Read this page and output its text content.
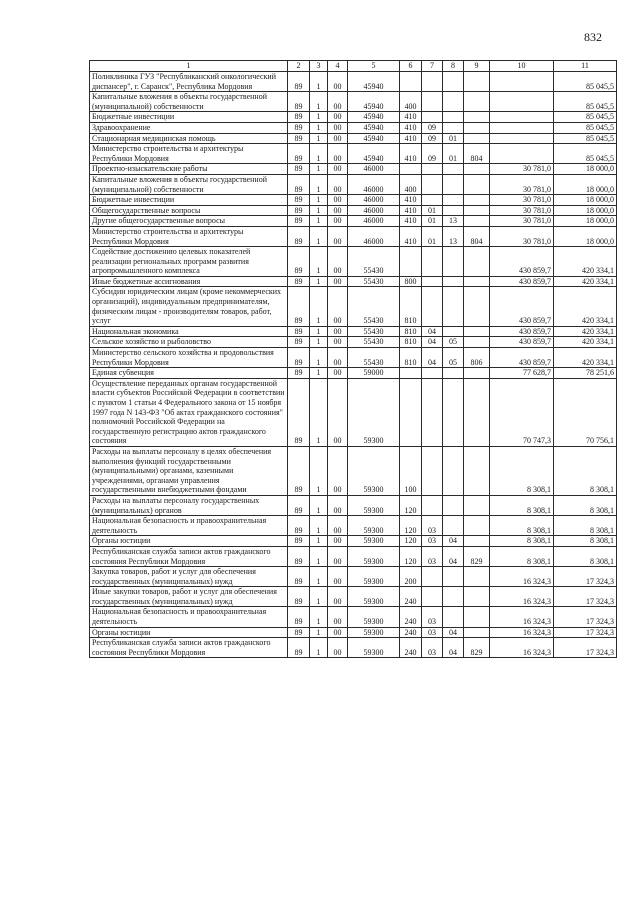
832
1	2	3	4	5	6	7	8	9	10	11
Поликлиника ГУЗ "Республиканский онкологический диспансер", г. Саранск", Республика Мордовия	89	1	00	45940						85 045,5
Капитальные вложения в объекты государственной (муниципальной) собственности	89	1	00	45940	400					85 045,5
Бюджетные инвестиции	89	1	00	45940	410					85 045,5
Здравоохранение	89	1	00	45940	410	09				85 045,5
Стационарная медицинская помощь	89	1	00	45940	410	09	01			85 045,5
Министерство строительства и архитектуры Республики Мордовия	89	1	00	45940	410	09	01	804		85 045,5
Проектно-изыскательские работы	89	1	00	46000					30 781,0	18 000,0
Капитальные вложения в объекты государственной (муниципальной) собственности	89	1	00	46000	400				30 781,0	18 000,0
Бюджетные инвестиции	89	1	00	46000	410				30 781,0	18 000,0
Общегосударственные вопросы	89	1	00	46000	410	01			30 781,0	18 000,0
Другие общегосударственные вопросы	89	1	00	46000	410	01	13		30 781,0	18 000,0
Министерство строительства и архитектуры Республики Мордовия	89	1	00	46000	410	01	13	804	30 781,0	18 000,0
Содействие достижению целевых показателей реализации региональных программ развития агропромышленного комплекса	89	1	00	55430					430 859,7	420 334,1
Иные бюджетные ассигнования	89	1	00	55430	800				430 859,7	420 334,1
Субсидии юридическим лицам (кроме некоммерческих организаций), индивидуальным предпринимателям, физическим лицам - производителям товаров, работ, услуг	89	1	00	55430	810				430 859,7	420 334,1
Национальная экономика	89	1	00	55430	810	04			430 859,7	420 334,1
Сельское хозяйство и рыболовство	89	1	00	55430	810	04	05		430 859,7	420 334,1
Министерство сельского хозяйства и продовольствия Республики Мордовия	89	1	00	55430	810	04	05	806	430 859,7	420 334,1
Единая субвенция	89	1	00	59000					77 628,7	78 251,6
Осуществление переданных органам государственной власти субъектов Российской Федерации в соответствии с пунктом 1 статьи 4 Федерального закона от 15 ноября 1997 года N 143-ФЗ "Об актах гражданского состояния" полномочий Российской Федерации на государственную регистрацию актов гражданского состояния	89	1	00	59300					70 747,3	70 756,1
Расходы на выплаты персоналу в целях обеспечения выполнения функций государственными (муниципальными) органами, казенными учреждениями, органами управления государственными внебюджетными фондами	89	1	00	59300	100				8 308,1	8 308,1
Расходы на выплаты персоналу государственных (муниципальных) органов	89	1	00	59300	120				8 308,1	8 308,1
Национальная безопасность и правоохранительная деятельность	89	1	00	59300	120	03			8 308,1	8 308,1
Органы юстиции	89	1	00	59300	120	03	04		8 308,1	8 308,1
Республиканская служба записи актов гражданского состояния Республики Мордовия	89	1	00	59300	120	03	04	829	8 308,1	8 308,1
Закупка товаров, работ и услуг для обеспечения государственных (муниципальных) нужд	89	1	00	59300	200				16 324,3	17 324,3
Иные закупки товаров, работ и услуг для обеспечения государственных (муниципальных) нужд	89	1	00	59300	240				16 324,3	17 324,3
Национальная безопасность и правоохранительная деятельность	89	1	00	59300	240	03			16 324,3	17 324,3
Органы юстиции	89	1	00	59300	240	03	04		16 324,3	17 324,3
Республиканская служба записи актов гражданского состояния Республики Мордовия	89	1	00	59300	240	03	04	829	16 324,3	17 324,3
